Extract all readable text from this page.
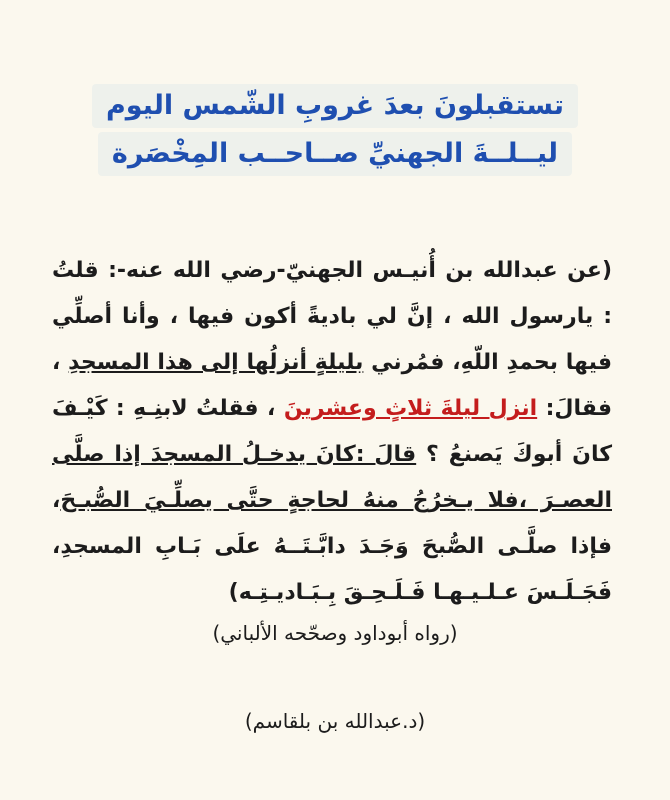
تستقبلونَ بعدَ غروبِ الشّمس اليوم
ليــلــةَ الجهنيِّ صــاحــب المِخْصَرة
(عن عبدالله بن أُنيـس الجهنيّ-رضي الله عنه-: قلتُ : يارسول الله ، إنَّ لي باديةً أكون فيها ، وأنا أصلِّي فيها بحمدِ اللّهِ، فمُرني بليلةٍ أنزلُها إلى هذا المسجدِ ، فقالَ: انزل ليلةَ ثلاثٍ وعشرينَ ، فقلتُ لابنِـهِ : كَيْـفَ كانَ أبوكَ يَصنعُ ؟ قالَ :كانَ يدخـلُ المسجدَ إذا صلَّى العصـرَ ،فلا يـخرُجُ منهُ لحاجةٍ حتَّى يصلِّـيَ الصُّبـحَ، فإذا صلَّـى الصُّبحَ وَجَـدَ دابَّـتَــهُ علَى بَـابِ المسجدِ، فَجَـلَـسَ عـلـيـهـا فَـلَـحِـقَ بِـبَـاديـتِـه)
(رواه أبوداود وصحّحه الألباني)
(د.عبدالله بن بلقاسم)
